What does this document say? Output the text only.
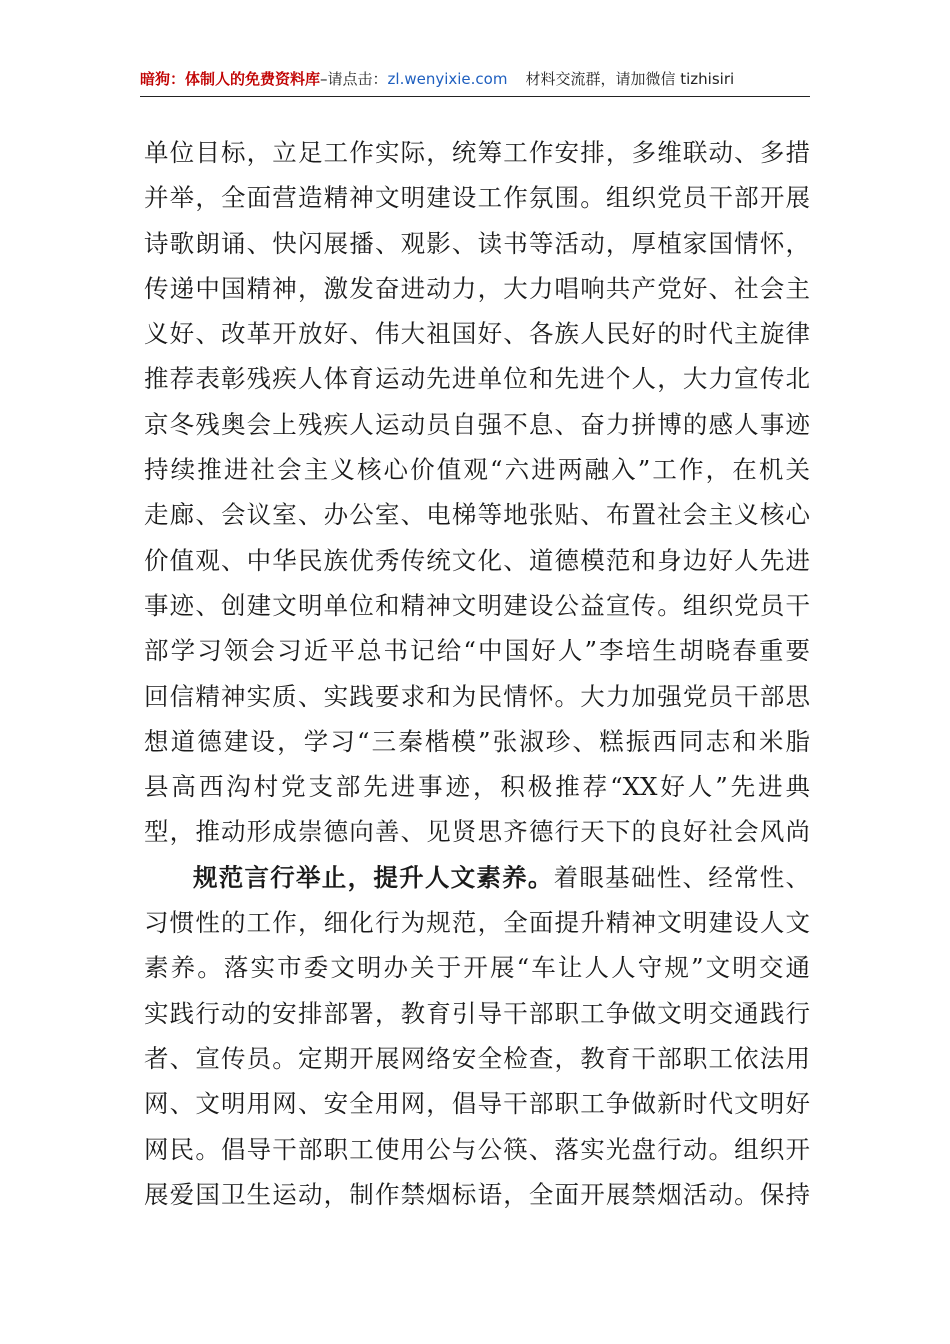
暗狗：体制人的免费资料库–请点击：zl.wenyixie.com 材料交流群，请加微信 tizhisiri
单位目标，立足工作实际，统筹工作安排，多维联动、多措
并举，全面营造精神文明建设工作氛围。组织党员干部开展
诗歌朗诵、快闪展播、观影、读书等活动，厚植家国情怀，
传递中国精神，激发奋进动力，大力唱响共产党好、社会主
义好、改革开放好、伟大祖国好、各族人民好的时代主旋律
推荐表彰残疾人体育运动先进单位和先进个人，大力宣传北
京冬残奥会上残疾人运动员自强不息、奋力拼博的感人事迹
持续推进社会主义核心价值观“六进两融入”工作，在机关
走廊、会议室、办公室、电梯等地张贴、布置社会主义核心
价值观、中华民族优秀传统文化、道德模范和身边好人先进
事迹、创建文明单位和精神文明建设公益宣传。组织党员干
部学习领会习近平总书记给“中国好人”李培生胡晓春重要
回信精神实质、实践要求和为民情怀。大力加强党员干部思
想道德建设，学习“三秦楷模”张淑珍、糕振西同志和米脂
县高西沟村党支部先进事迹，积极推荐“XX好人”先进典
型，推动形成崇德向善、见贤思齐德行天下的良好社会风尚
规范言行举止，提升人文素养。着眼基础性、经常性、
习惯性的工作，细化行为规范，全面提升精神文明建设人文
素养。落实市委文明办关于开展“车让人人守规”文明交通
实践行动的安排部署，教育引导干部职工争做文明交通践行
者、宣传员。定期开展网络安全检查，教育干部职工依法用
网、文明用网、安全用网，倡导干部职工争做新时代文明好
网民。倡导干部职工使用公与公筷、落实光盘行动。组织开
展爱国卫生运动，制作禁烟标语，全面开展禁烟活动。保持
